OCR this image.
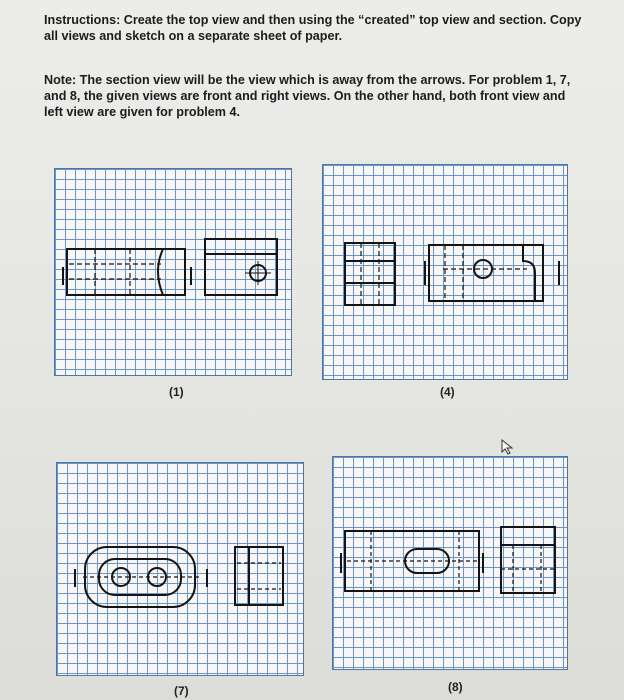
Instructions: Create the top view and then using the “created” top view and section. Copy all views and sketch on a separate sheet of paper.
Note: The section view will be the view which is away from the arrows. For problem 1, 7, and 8, the given views are front and right views. On the other hand, both front view and left view are given for problem 4.
(1)	(4)
(7)	(8)
